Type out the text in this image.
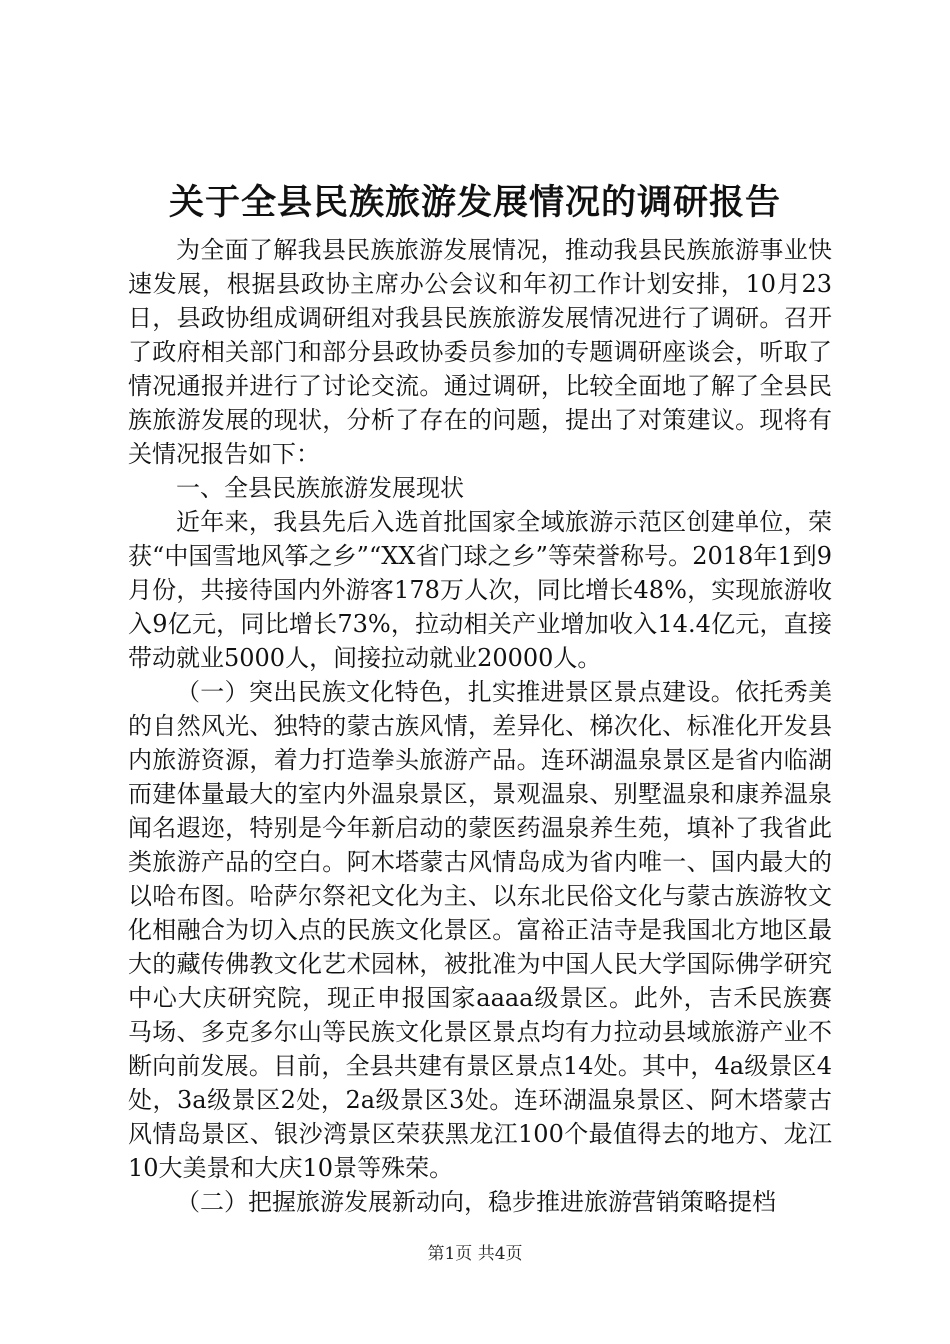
关于全县民族旅游发展情况的调研报告

为全面了解我县民族旅游发展情况，推动我县民族旅游事业快速发展，根据县政协主席办公会议和年初工作计划安排，10月23日，县政协组成调研组对我县民族旅游发展情况进行了调研。召开了政府相关部门和部分县政协委员参加的专题调研座谈会，听取了情况通报并进行了讨论交流。通过调研，比较全面地了解了全县民族旅游发展的现状，分析了存在的问题，提出了对策建议。现将有关情况报告如下：

一、全县民族旅游发展现状

近年来，我县先后入选首批国家全域旅游示范区创建单位，荣获“中国雪地风筝之乡”“XX省门球之乡”等荣誉称号。2018年1到9月份，共接待国内外游客178万人次，同比增长48%，实现旅游收入9亿元，同比增长73%，拉动相关产业增加收入14.4亿元，直接带动就业5000人，间接拉动就业20000人。

（一）突出民族文化特色，扎实推进景区景点建设。依托秀美的自然风光、独特的蒙古族风情，差异化、梯次化、标准化开发县内旅游资源，着力打造拳头旅游产品。连环湖温泉景区是省内临湖而建体量最大的室内外温泉景区，景观温泉、别墅温泉和康养温泉闻名遐迩，特别是今年新启动的蒙医药温泉养生苑，填补了我省此类旅游产品的空白。阿木塔蒙古风情岛成为省内唯一、国内最大的以哈布图。哈萨尔祭祀文化为主、以东北民俗文化与蒙古族游牧文化相融合为切入点的民族文化景区。富裕正洁寺是我国北方地区最大的藏传佛教文化艺术园林，被批准为中国人民大学国际佛学研究中心大庆研究院，现正申报国家aaaa级景区。此外，吉禾民族赛马场、多克多尔山等民族文化景区景点均有力拉动县域旅游产业不断向前发展。目前，全县共建有景区景点14处。其中，4a级景区4处，3a级景区2处，2a级景区3处。连环湖温泉景区、阿木塔蒙古风情岛景区、银沙湾景区荣获黑龙江100个最值得去的地方、龙江10大美景和大庆10景等殊荣。

（二）把握旅游发展新动向，稳步推进旅游营销策略提档

第1页 共4页
